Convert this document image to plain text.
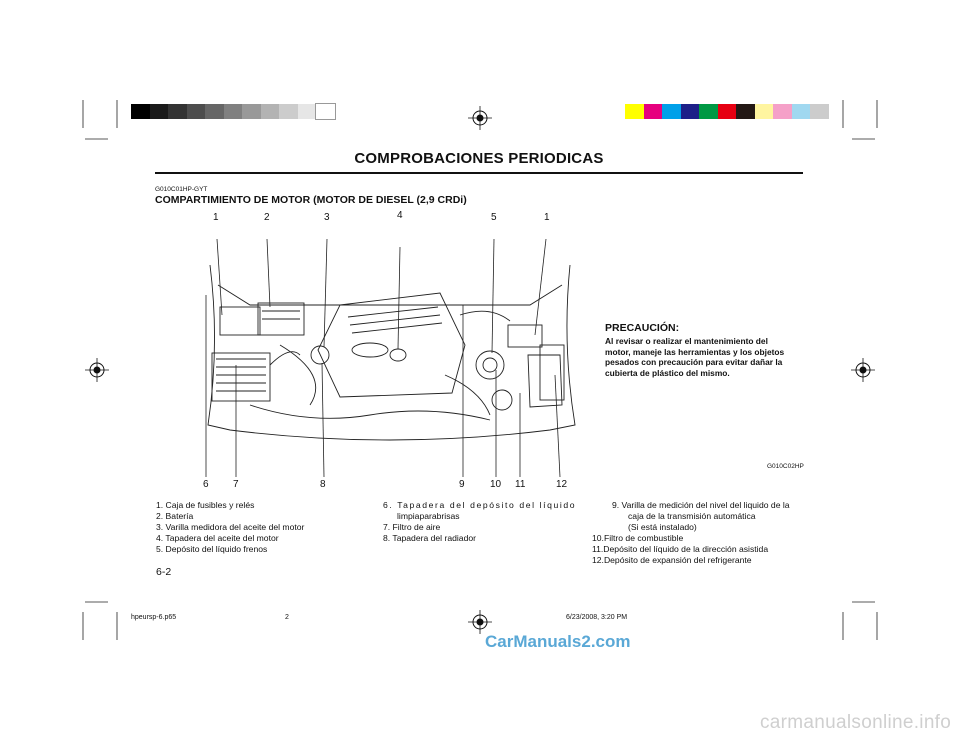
COMPROBACIONES PERIODICAS
G010C01HP-GYT
COMPARTIMIENTO DE MOTOR (MOTOR DE DIESEL (2,9 CRDi)
1	2	3	4	5	1
6 7	8	9	10 11	12
G010C02HP
PRECAUCIÓN:
Al revisar o realizar el mantenimiento del
motor, maneje las herramientas y los objetos
pesados con precaución para evitar dañar la
cubierta de plástico del mismo.
1. Caja de fusibles y relés
2. Batería
3. Varilla medidora del aceite del motor
4. Tapadera del aceite del motor
5. Depósito del líquido frenos
6. Tapadera del depósito del líquido
limpiaparabrisas
7. Filtro de aire
8. Tapadera del radiador
9. Varilla de medición del nivel del liquido de la
caja de la transmisión automática
(Si está instalado)
10.Filtro de combustible
11.Depósito del líquido de la dirección asistida
12.Depósito de expansión del refrigerante
6-2
hpeursp-6.p65	2	6/23/2008, 3:20 PM
CarManuals2.com
carmanualsonline.info
